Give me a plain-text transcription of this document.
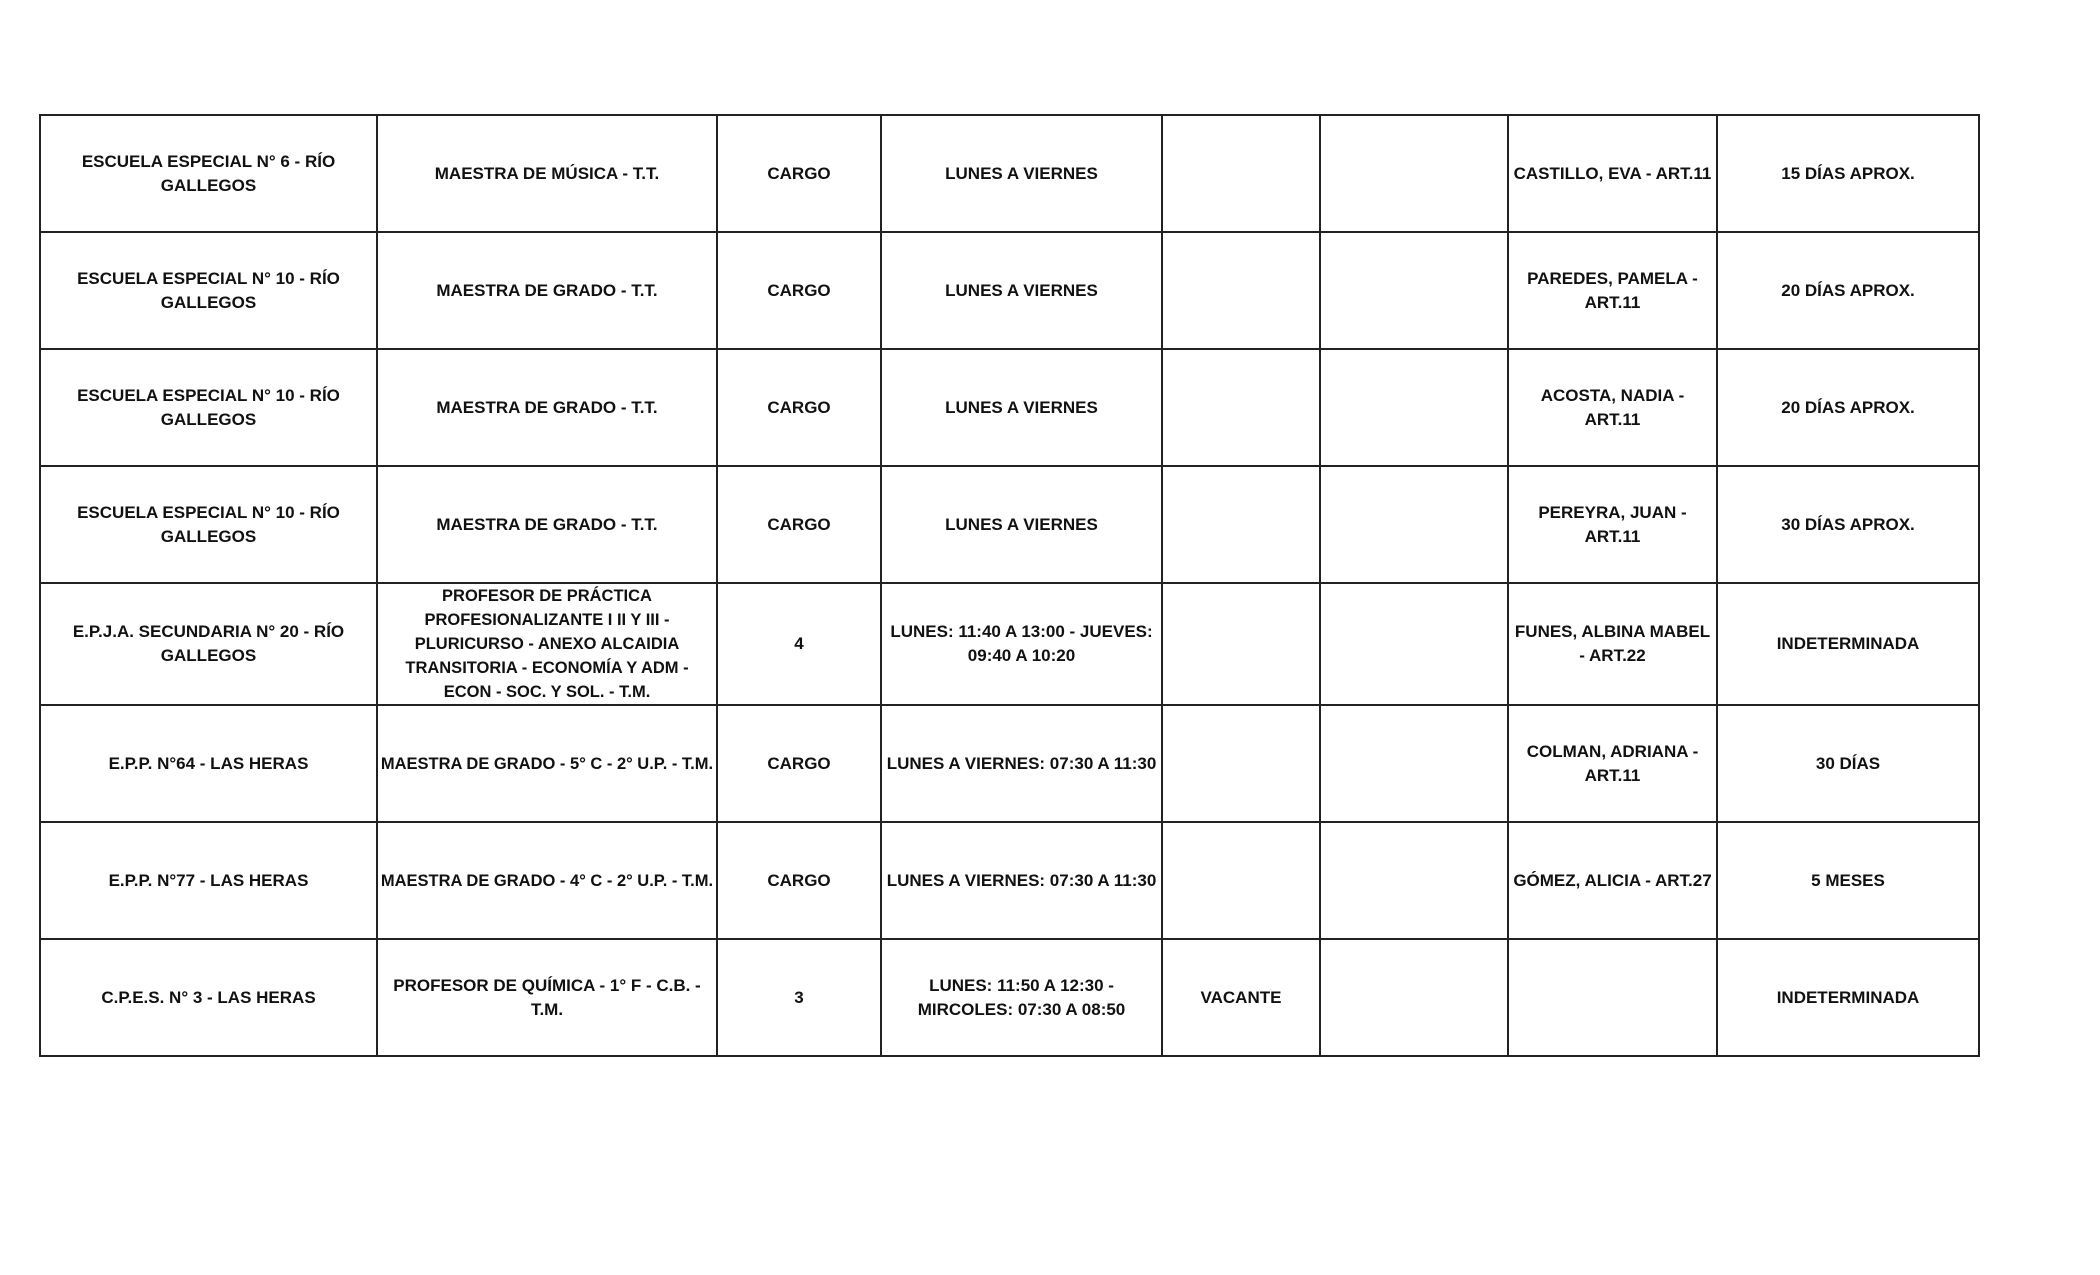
ESCUELA ESPECIAL N° 6 - RÍO GALLEGOS	MAESTRA DE MÚSICA - T.T.	CARGO	LUNES A VIERNES			CASTILLO, EVA - ART.11	15 DÍAS APROX.
ESCUELA ESPECIAL N° 10 - RÍO GALLEGOS	MAESTRA DE GRADO - T.T.	CARGO	LUNES A VIERNES			PAREDES, PAMELA - ART.11	20 DÍAS APROX.
ESCUELA ESPECIAL N° 10 - RÍO GALLEGOS	MAESTRA DE GRADO - T.T.	CARGO	LUNES A VIERNES			ACOSTA, NADIA - ART.11	20 DÍAS APROX.
ESCUELA ESPECIAL N° 10 - RÍO GALLEGOS	MAESTRA DE GRADO - T.T.	CARGO	LUNES A VIERNES			PEREYRA, JUAN - ART.11	30 DÍAS APROX.
E.P.J.A. SECUNDARIA N° 20 - RÍO GALLEGOS	PROFESOR DE PRÁCTICA PROFESIONALIZANTE I II Y III - PLURICURSO - ANEXO ALCAIDIA TRANSITORIA - ECONOMÍA Y ADM - ECON - SOC. Y SOL. - T.M.	4	LUNES: 11:40 A 13:00 - JUEVES: 09:40 A 10:20			FUNES, ALBINA MABEL - ART.22	INDETERMINADA
E.P.P. N°64 - LAS HERAS	MAESTRA DE GRADO - 5° C - 2° U.P. - T.M.	CARGO	LUNES A VIERNES: 07:30 A 11:30			COLMAN, ADRIANA - ART.11	30 DÍAS
E.P.P. N°77 - LAS HERAS	MAESTRA DE GRADO - 4° C - 2° U.P. - T.M.	CARGO	LUNES A VIERNES: 07:30 A 11:30			GÓMEZ, ALICIA - ART.27	5 MESES
C.P.E.S. N° 3 - LAS HERAS	PROFESOR DE QUÍMICA - 1° F - C.B. - T.M.	3	LUNES: 11:50 A 12:30 - MIRCOLES: 07:30 A 08:50	VACANTE			INDETERMINADA
